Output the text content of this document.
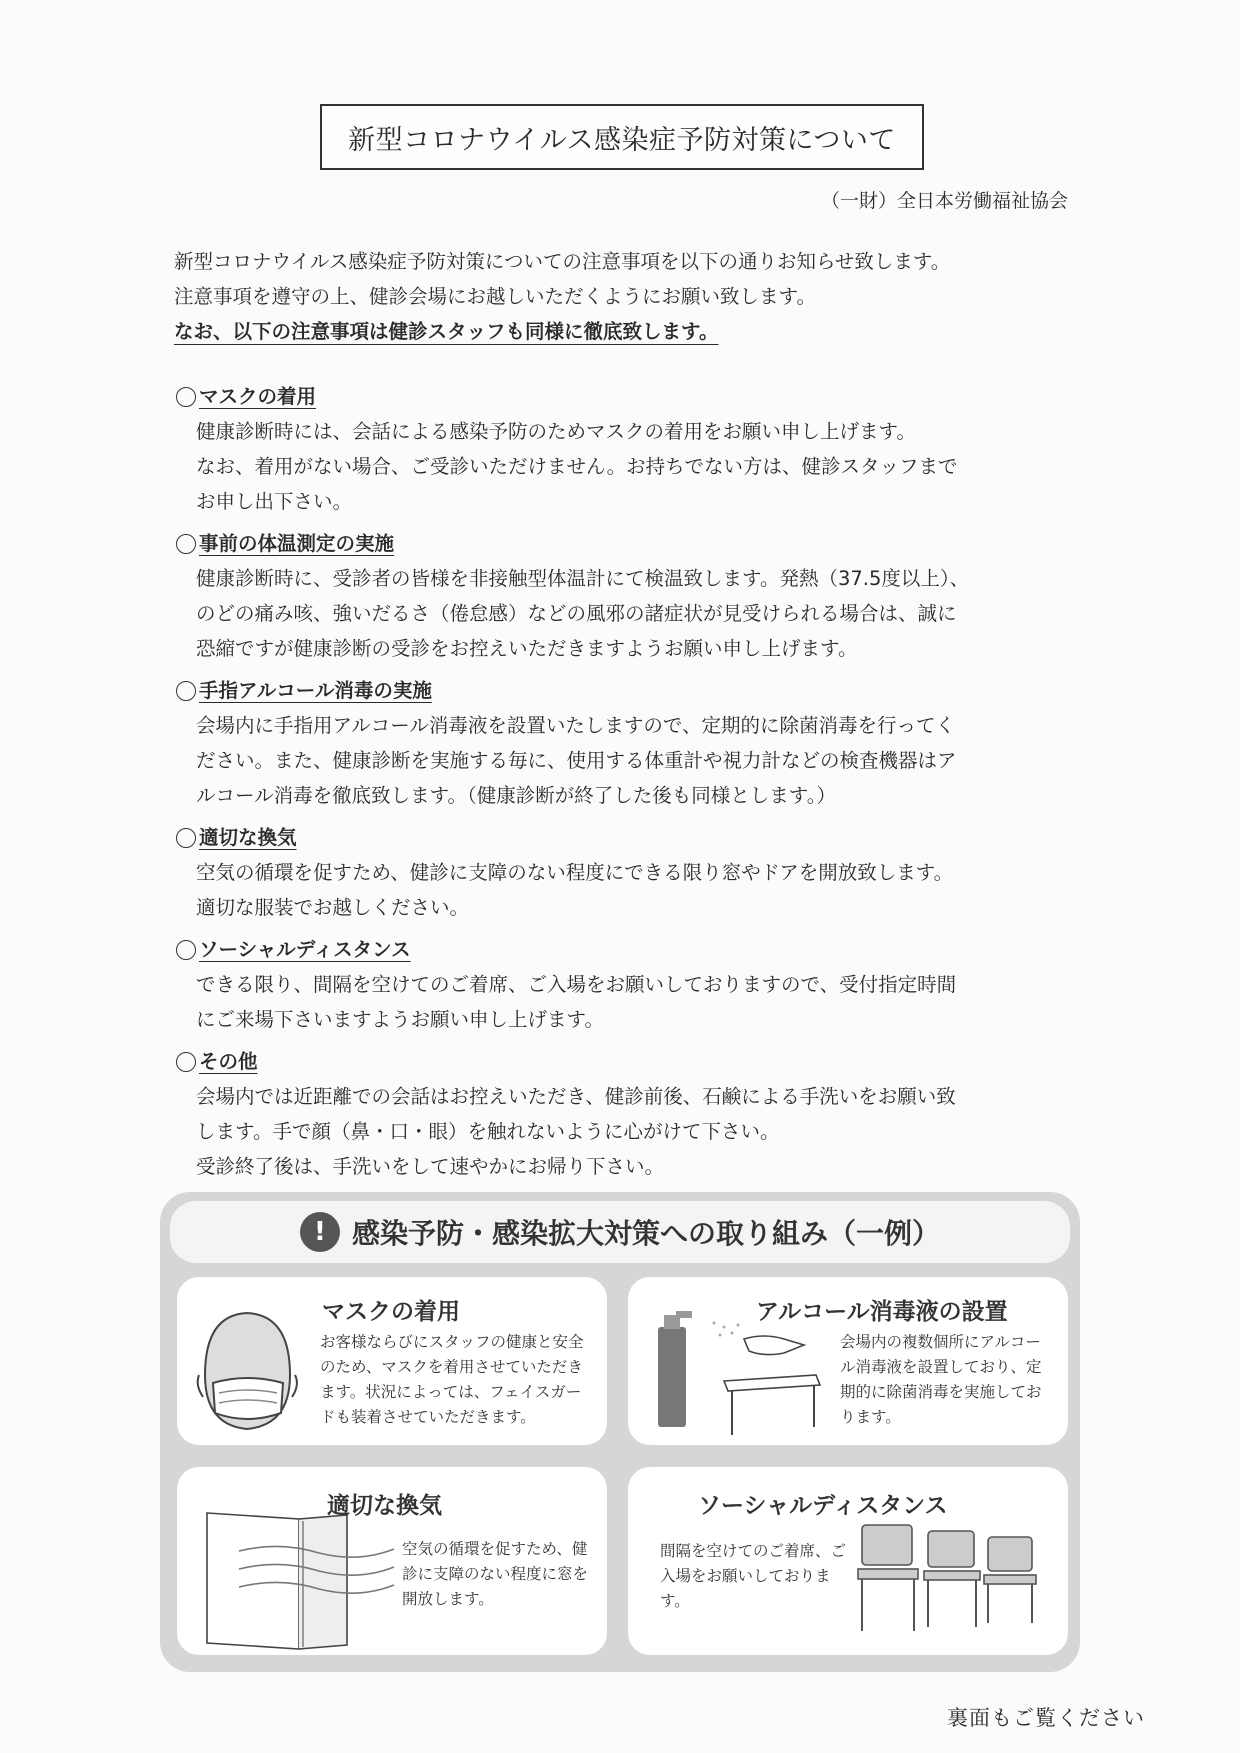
新型コロナウイルス感染症予防対策について
（一財）全日本労働福祉協会
新型コロナウイルス感染症予防対策についての注意事項を以下の通りお知らせ致します。
注意事項を遵守の上、健診会場にお越しいただくようにお願い致します。
なお、以下の注意事項は健診スタッフも同様に徹底致します。
マスクの着用

健康診断時には、会話による感染予防のためマスクの着用をお願い申し上げます。

なお、着用がない場合、ご受診いただけません。お持ちでない方は、健診スタッフまで

お申し出下さい。

事前の体温測定の実施

健康診断時に、受診者の皆様を非接触型体温計にて検温致します。発熱（37.5度以上）、

のどの痛み咳、強いだるさ（倦怠感）などの風邪の諸症状が見受けられる場合は、誠に

恐縮ですが健康診断の受診をお控えいただきますようお願い申し上げます。

手指アルコール消毒の実施

会場内に手指用アルコール消毒液を設置いたしますので、定期的に除菌消毒を行ってく

ださい。また、健康診断を実施する毎に、使用する体重計や視力計などの検査機器はア

ルコール消毒を徹底致します。（健康診断が終了した後も同様とします。）

適切な換気

空気の循環を促すため、健診に支障のない程度にできる限り窓やドアを開放致します。

適切な服装でお越しください。

ソーシャルディスタンス

できる限り、間隔を空けてのご着席、ご入場をお願いしておりますので、受付指定時間

にご来場下さいますようお願い申し上げます。

その他

会場内では近距離での会話はお控えいただき、健診前後、石鹸による手洗いをお願い致

します。手で顔（鼻・口・眼）を触れないように心がけて下さい。

受診終了後は、手洗いをして速やかにお帰り下さい。

! 感染予防・感染拡大対策への取り組み（一例）
マスクの着用
お客様ならびにスタッフの健康と安全のため、マスクを着用させていただきます。状況によっては、フェイスガードも装着させていただきます。
アルコール消毒液の設置
会場内の複数個所にアルコール消毒液を設置しており、定期的に除菌消毒を実施しております。
適切な換気
空気の循環を促すため、健診に支障のない程度に窓を開放します。
ソーシャルディスタンス
間隔を空けてのご着席、ご入場をお願いしております。
裏面もご覧ください
